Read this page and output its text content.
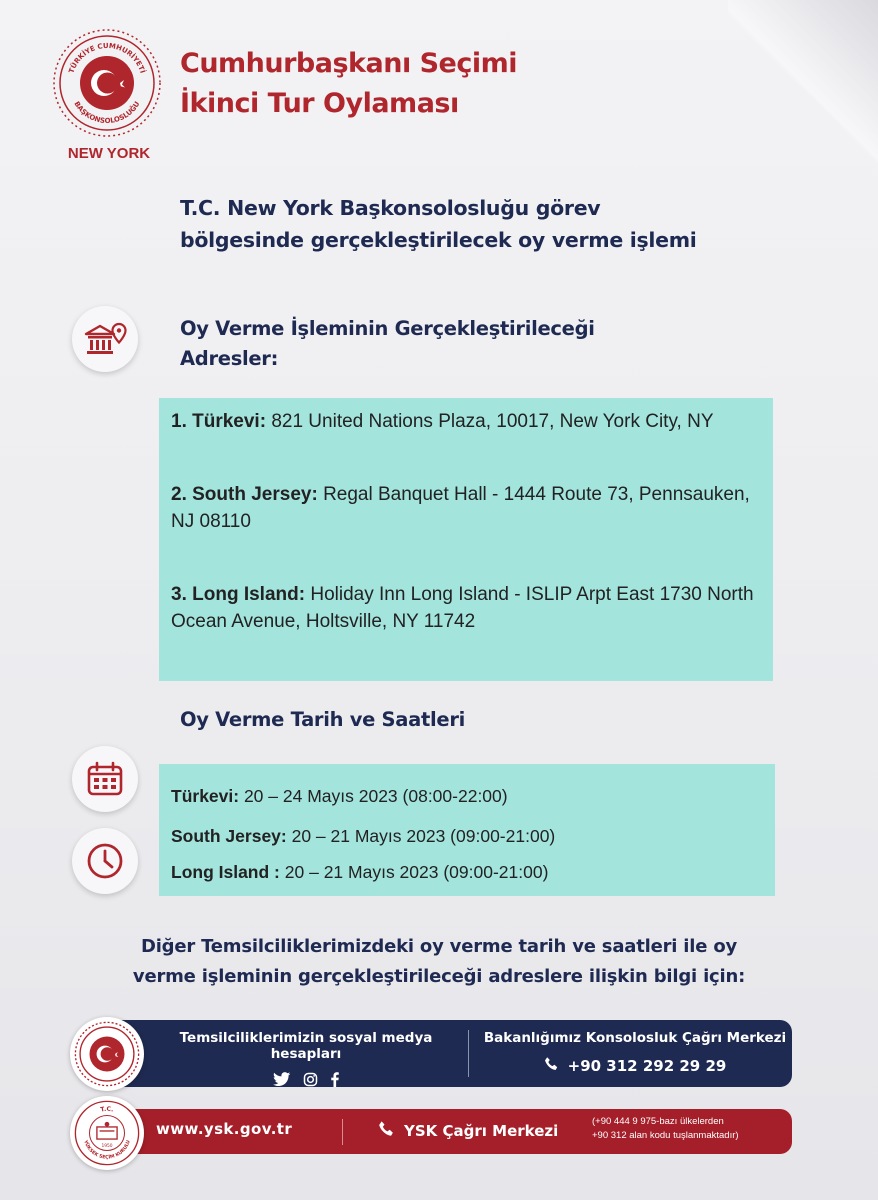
TÜRKİYE CUMHURİYETİ
BAŞKONSOLOSLUĞU
NEW YORK
Cumhurbaşkanı Seçimi
İkinci Tur Oylaması
T.C. New York Başkonsolosluğu görev
bölgesinde gerçekleştirilecek oy verme işlemi
Oy Verme İşleminin Gerçekleştirileceği
Adresler:
1. Türkevi: 821 United Nations Plaza, 10017, New York City, NY
2. South Jersey: Regal Banquet Hall - 1444 Route 73, Pennsauken, NJ 08110
3. Long Island: Holiday Inn Long Island - ISLIP Arpt East 1730 North Ocean Avenue, Holtsville, NY 11742
Oy Verme Tarih ve Saatleri
Türkevi: 20 – 24 Mayıs 2023 (08:00-22:00)
South Jersey: 20 – 21 Mayıs 2023 (09:00-21:00)
Long Island : 20 – 21 Mayıs 2023 (09:00-21:00)
Diğer Temsilciliklerimizdeki oy verme tarih ve saatleri ile oy
verme işleminin gerçekleştirileceği adreslere ilişkin bilgi için:
Temsilciliklerimizin sosyal medya hesapları
Bakanlığımız Konsolosluk Çağrı Merkezi
+90 312 292 29 29
www.ysk.gov.tr	YSK Çağrı Merkezi
(+90 444 9 975-bazı ülkelerden
+90 312 alan kodu tuşlanmaktadır)
T.C.
YÜKSEK SEÇİM KURULU
1950
